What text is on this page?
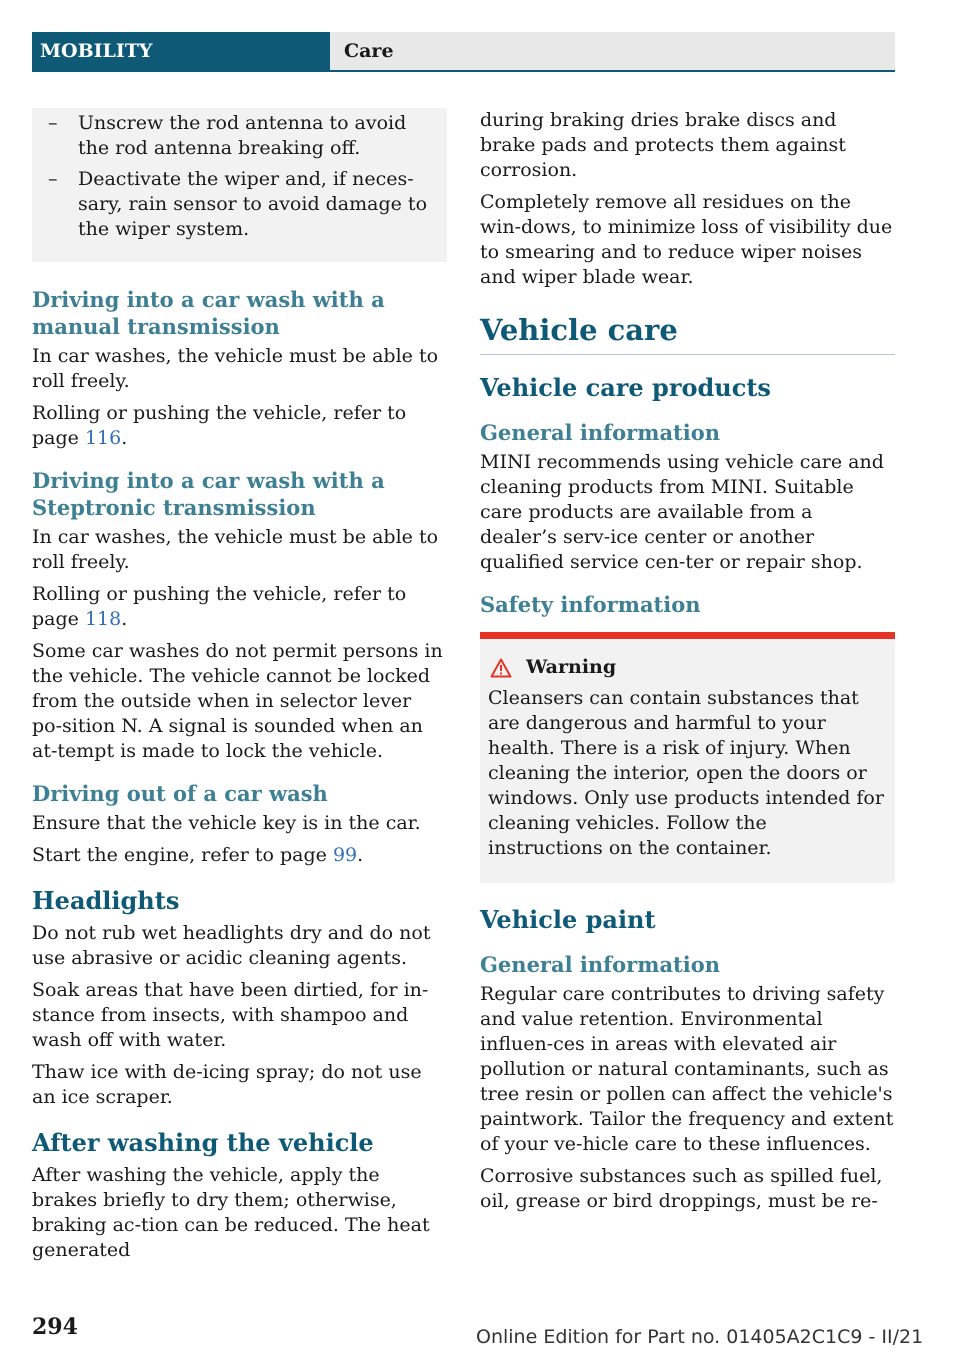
MOBILITY	Care
– Unscrew the rod antenna to avoid the rod antenna breaking off.
– Deactivate the wiper and, if neces‐sary, rain sensor to avoid damage to the wiper system.
Driving into a car wash with a manual transmission

In car washes, the vehicle must be able to roll freely.

Rolling or pushing the vehicle, refer to page 116.

Driving into a car wash with a Steptronic transmission

In car washes, the vehicle must be able to roll freely.

Rolling or pushing the vehicle, refer to page 118.

Some car washes do not permit persons in the vehicle. The vehicle cannot be locked from the outside when in selector lever po‐sition N. A signal is sounded when an at‐tempt is made to lock the vehicle.

Driving out of a car wash

Ensure that the vehicle key is in the car.

Start the engine, refer to page 99.

Headlights

Do not rub wet headlights dry and do not use abrasive or acidic cleaning agents.

Soak areas that have been dirtied, for in‐stance from insects, with shampoo and wash off with water.

Thaw ice with de-icing spray; do not use an ice scraper.

After washing the vehicle

After washing the vehicle, apply the brakes briefly to dry them; otherwise, braking ac‐tion can be reduced. The heat generated

during braking dries brake discs and brake pads and protects them against corrosion.

Completely remove all residues on the win‐dows, to minimize loss of visibility due to smearing and to reduce wiper noises and wiper blade wear.

Vehicle care
Vehicle care products
General information

MINI recommends using vehicle care and cleaning products from MINI. Suitable care products are available from a dealer’s serv‐ice center or another qualified service cen‐ter or repair shop.

Safety information
Warning

Cleansers can contain substances that are dangerous and harmful to your health. There is a risk of injury. When cleaning the interior, open the doors or windows. Only use products intended for cleaning vehicles. Follow the instructions on the container.

Vehicle paint
General information

Regular care contributes to driving safety and value retention. Environmental influen‐ces in areas with elevated air pollution or natural contaminants, such as tree resin or pollen can affect the vehicle's paintwork. Tailor the frequency and extent of your ve‐hicle care to these influences.

Corrosive substances such as spilled fuel, oil, grease or bird droppings, must be re‐

294	Online Edition for Part no. 01405A2C1C9 - II/21
